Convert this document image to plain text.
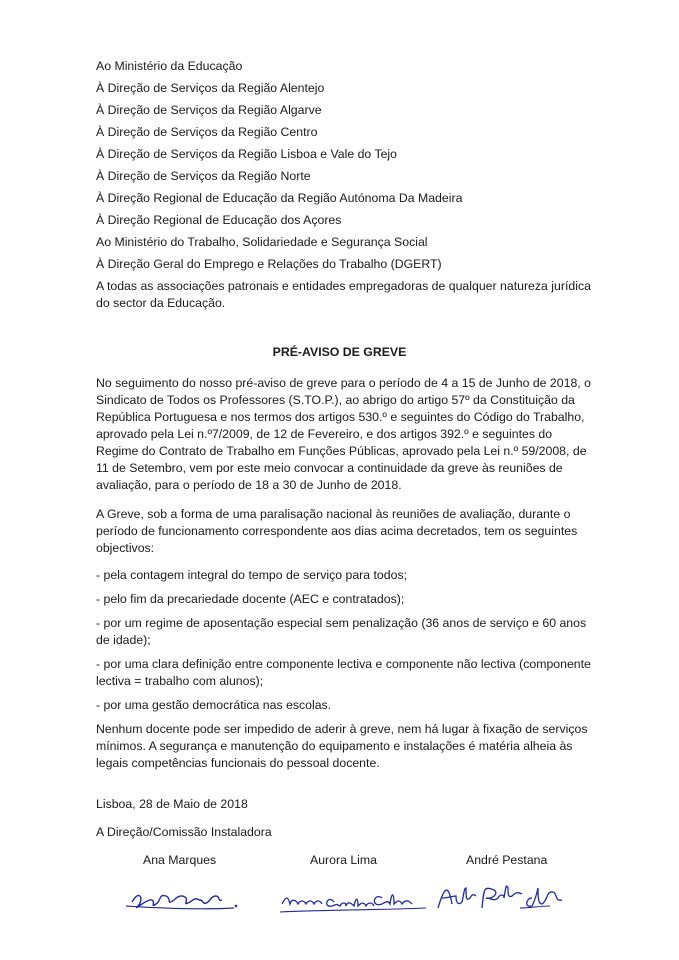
Ao Ministério da Educação

À Direção de Serviços da Região Alentejo

À Direção de Serviços da Região Algarve

À Direção de Serviços da Região Centro

À Direção de Serviços da Região Lisboa e Vale do Tejo

À Direção de Serviços da Região Norte

À Direção Regional de Educação da Região Autónoma Da Madeira

À Direção Regional de Educação dos Açores

Ao Ministério do Trabalho, Solidariedade e Segurança Social

À Direção Geral do Emprego e Relações do Trabalho (DGERT)

A todas as associações patronais e entidades empregadoras de qualquer natureza jurídica do sector da Educação.

PRÉ-AVISO DE GREVE

No seguimento do nosso pré-aviso de greve para o período de 4 a 15 de Junho de 2018, o Sindicato de Todos os Professores (S.TO.P.), ao abrigo do artigo 57º da Constituição da República Portuguesa e nos termos dos artigos 530.º e seguintes do Código do Trabalho, aprovado pela Lei n.º7/2009, de 12 de Fevereiro, e dos artigos 392.º e seguintes do Regime do Contrato de Trabalho em Funções Públicas, aprovado pela Lei n.º 59/2008, de 11 de Setembro, vem por este meio convocar a continuidade da greve às reuniões de avaliação, para o período de 18 a 30 de Junho de 2018.

A Greve, sob a forma de uma paralisação nacional às reuniões de avaliação, durante o período de funcionamento correspondente aos dias acima decretados, tem os seguintes objectivos:

- pela contagem integral do tempo de serviço para todos;

- pelo fim da precariedade docente (AEC e contratados);

- por um regime de aposentação especial sem penalização (36 anos de serviço e 60 anos de idade);

- por uma clara definição entre componente lectiva e componente não lectiva (componente lectiva = trabalho com alunos);

- por uma gestão democrática nas escolas.

Nenhum docente pode ser impedido de aderir à greve, nem há lugar à fixação de serviços mínimos. A segurança e manutenção do equipamento e instalações é matéria alheia às legais competências funcionais do pessoal docente.

Lisboa, 28 de Maio de 2018
A Direção/Comissão Instaladora
Ana Marques	Aurora Lima	André Pestana
